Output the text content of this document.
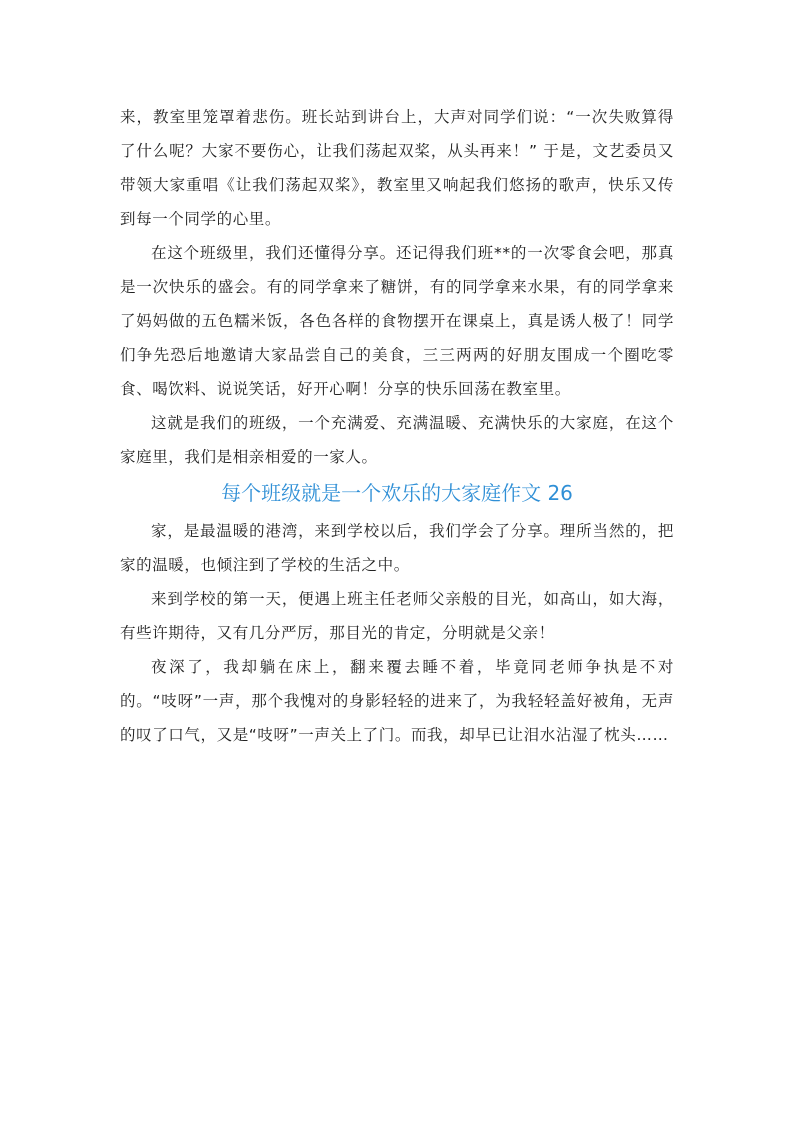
来，教室里笼罩着悲伤。班长站到讲台上，大声对同学们说：“一次失败算得了什么呢？大家不要伤心，让我们荡起双桨，从头再来！” 于是，文艺委员又带领大家重唱《让我们荡起双桨》，教室里又响起我们悠扬的歌声，快乐又传到每一个同学的心里。

在这个班级里，我们还懂得分享。还记得我们班**的一次零食会吧，那真是一次快乐的盛会。有的同学拿来了糖饼，有的同学拿来水果，有的同学拿来了妈妈做的五色糯米饭，各色各样的食物摆开在课桌上，真是诱人极了！同学们争先恐后地邀请大家品尝自己的美食，三三两两的好朋友围成一个圈吃零食、喝饮料、说说笑话，好开心啊！分享的快乐回荡在教室里。

这就是我们的班级，一个充满爱、充满温暖、充满快乐的大家庭，在这个家庭里，我们是相亲相爱的一家人。

每个班级就是一个欢乐的大家庭作文 26

家，是最温暖的港湾，来到学校以后，我们学会了分享。理所当然的，把家的温暖，也倾注到了学校的生活之中。

来到学校的第一天，便遇上班主任老师父亲般的目光，如高山，如大海，有些许期待，又有几分严厉，那目光的肯定，分明就是父亲！

夜深了，我却躺在床上，翻来覆去睡不着，毕竟同老师争执是不对的。“吱呀”一声，那个我愧对的身影轻轻的进来了，为我轻轻盖好被角，无声的叹了口气，又是“吱呀”一声关上了门。而我，却早已让泪水沾湿了枕头……
